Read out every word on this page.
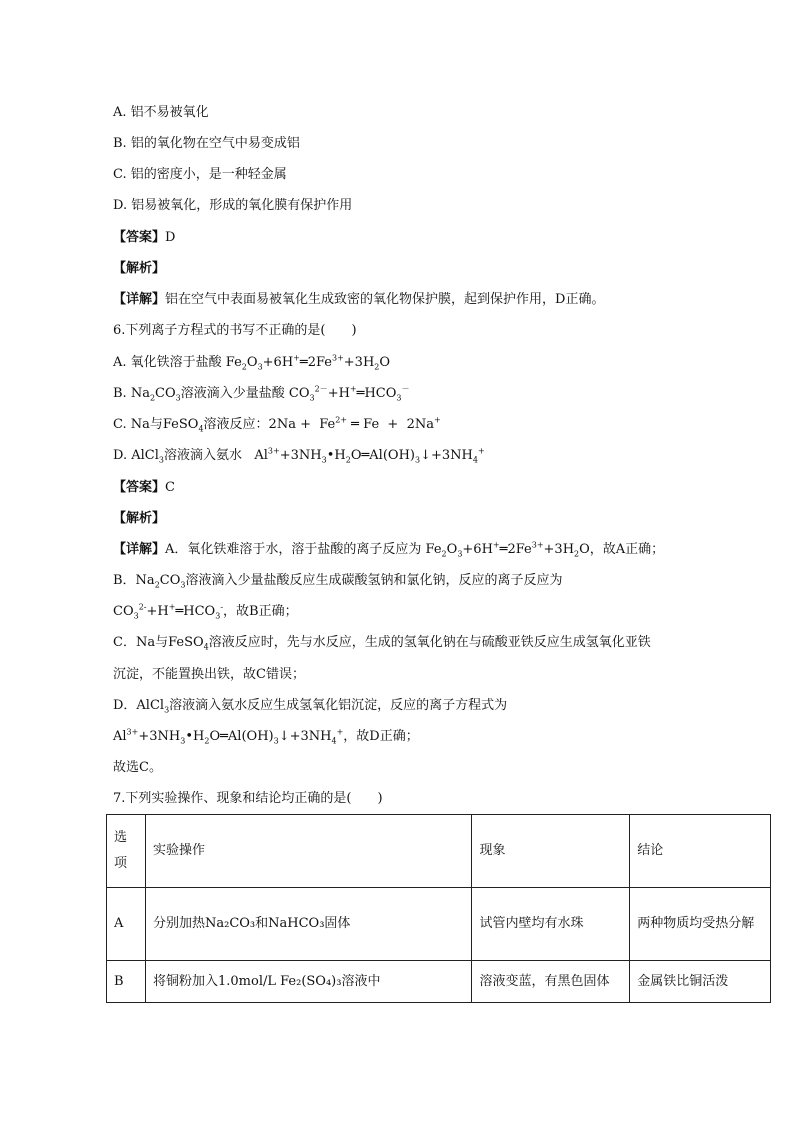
A. 铝不易被氧化
B. 铝的氧化物在空气中易变成铝
C. 铝的密度小，是一种轻金属
D. 铝易被氧化，形成的氧化膜有保护作用
【答案】D
【解析】
【详解】铝在空气中表面易被氧化生成致密的氧化物保护膜，起到保护作用，D正确。
6.下列离子方程式的书写不正确的是(　　)
A. 氧化铁溶于盐酸 $Fe_2O_3+6H^+═2Fe^{3+}+3H_2O$
B. $Na_2CO_3$溶液滴入少量盐酸 $CO_3^{2-}+H^+═HCO_3^-$
C. Na与FeSO$_4$溶液反应：$2Na + Fe^{2+}$ ═ Fe  +  2Na+
D. AlCl$_3$溶液滴入氨水   $Al^{3+}+3NH_3•H_2O═Al(OH)_3↓+3NH_4^+$
【答案】C
【解析】
【详解】A．氧化铁难溶于水，溶于盐酸的离子反应为 $Fe_2O_3+6H^+═2Fe^{3+}+3H_2O$，故A正确；
B．$Na_2CO_3$溶液滴入少量盐酸反应生成碳酸氢钠和氯化钠，反应的离子反应为
$CO_3^{2-}+H^+═HCO_3^-$，故B正确；
C．Na与FeSO$_4$溶液反应时，先与水反应，生成的氢氧化钠在与硫酸亚铁反应生成氢氧化亚铁
沉淀，不能置换出铁，故C错误；
D．AlCl$_3$溶液滴入氨水反应生成氢氧化铝沉淀，反应的离子方程式为
$Al^{3+}+3NH_3•H_2O═Al(OH)_3↓+3NH_4^+$，故D正确；
故选C。
7.下列实验操作、现象和结论均正确的是(　　)
选项	实验操作	现象	结论
A	分别加热Na₂CO₃和NaHCO₃固体	试管内壁均有水珠	两种物质均受热分解
B	将铜粉加入1.0mol/L Fe₂(SO₄)₃溶液中	溶液变蓝，有黑色固体	金属铁比铜活泼
